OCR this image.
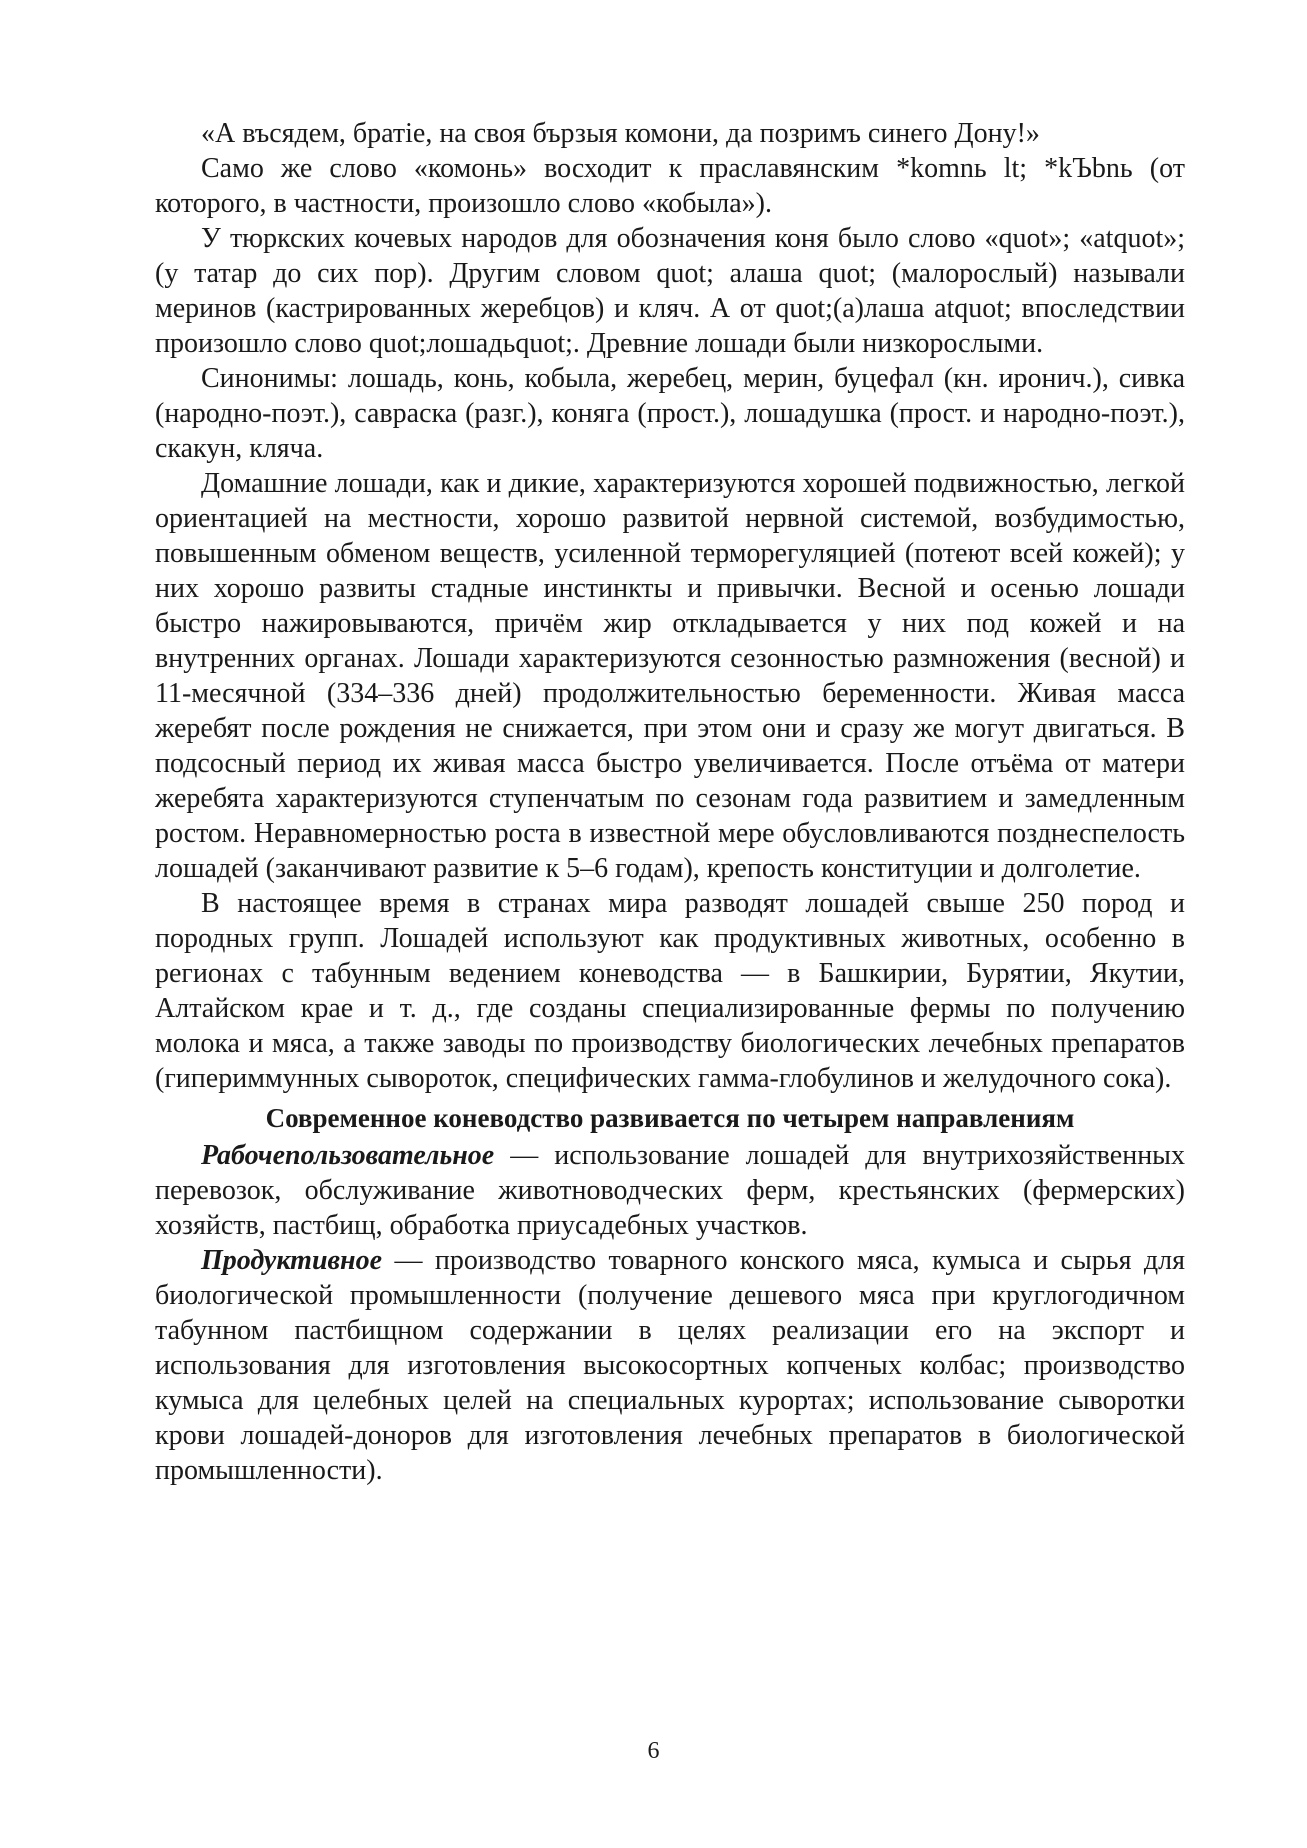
«А въсядем, братіе, на своя бързыя комони, да позримъ синего Дону!»

Само же слово «комонь» восходит к праславянским *komnь lt; *kЪbnь (от которого, в частности, произошло слово «кобыла»).

У тюркских кочевых народов для обозначения коня было слово «quot»; «atquot»; (у татар до сих пор). Другим словом quot; алаша quot; (малорослый) называли меринов (кастрированных жеребцов) и кляч. А от quot;(а)лаша atquot; впоследствии произошло слово quot;лошадьquot;. Древние лошади были низкорослыми.

Синонимы: лошадь, конь, кобыла, жеребец, мерин, буцефал (кн. иронич.), сивка (народно-поэт.), савраска (разг.), коняга (прост.), лошадушка (прост. и народно-поэт.), скакун, кляча.

Домашние лошади, как и дикие, характеризуются хорошей подвижностью, легкой ориентацией на местности, хорошо развитой нервной системой, возбудимостью, повышенным обменом веществ, усиленной терморегуляцией (потеют всей кожей); у них хорошо развиты стадные инстинкты и привычки. Весной и осенью лошади быстро нажировываются, причём жир откладывается у них под кожей и на внутренних органах. Лошади характеризуются сезонностью размножения (весной) и 11-месячной (334–336 дней) продолжительностью беременности. Живая масса жеребят после рождения не снижается, при этом они и сразу же могут двигаться. В подсосный период их живая масса быстро увеличивается. После отъёма от матери жеребята характеризуются ступенчатым по сезонам года развитием и замедленным ростом. Неравномерностью роста в известной мере обусловливаются позднеспелость лошадей (заканчивают развитие к 5–6 годам), крепость конституции и долголетие.

В настоящее время в странах мира разводят лошадей свыше 250 пород и породных групп. Лошадей используют как продуктивных животных, особенно в регионах с табунным ведением коневодства — в Башкирии, Бурятии, Якутии, Алтайском крае и т. д., где созданы специализированные фермы по получению молока и мяса, а также заводы по производству биологических лечебных препаратов (гипериммунных сывороток, специфических гамма-глобулинов и желудочного сока).

Современное коневодство развивается по четырем направлениям

Рабочепользовательное — использование лошадей для внутрихозяйственных перевозок, обслуживание животноводческих ферм, крестьянских (фермерских) хозяйств, пастбищ, обработка приусадебных участков.

Продуктивное — производство товарного конского мяса, кумыса и сырья для биологической промышленности (получение дешевого мяса при круглогодичном табунном пастбищном содержании в целях реализации его на экспорт и использования для изготовления высокосортных копченых колбас; производство кумыса для целебных целей на специальных курортах; использование сыворотки крови лошадей-доноров для изготовления лечебных препаратов в биологической промышленности).

6
